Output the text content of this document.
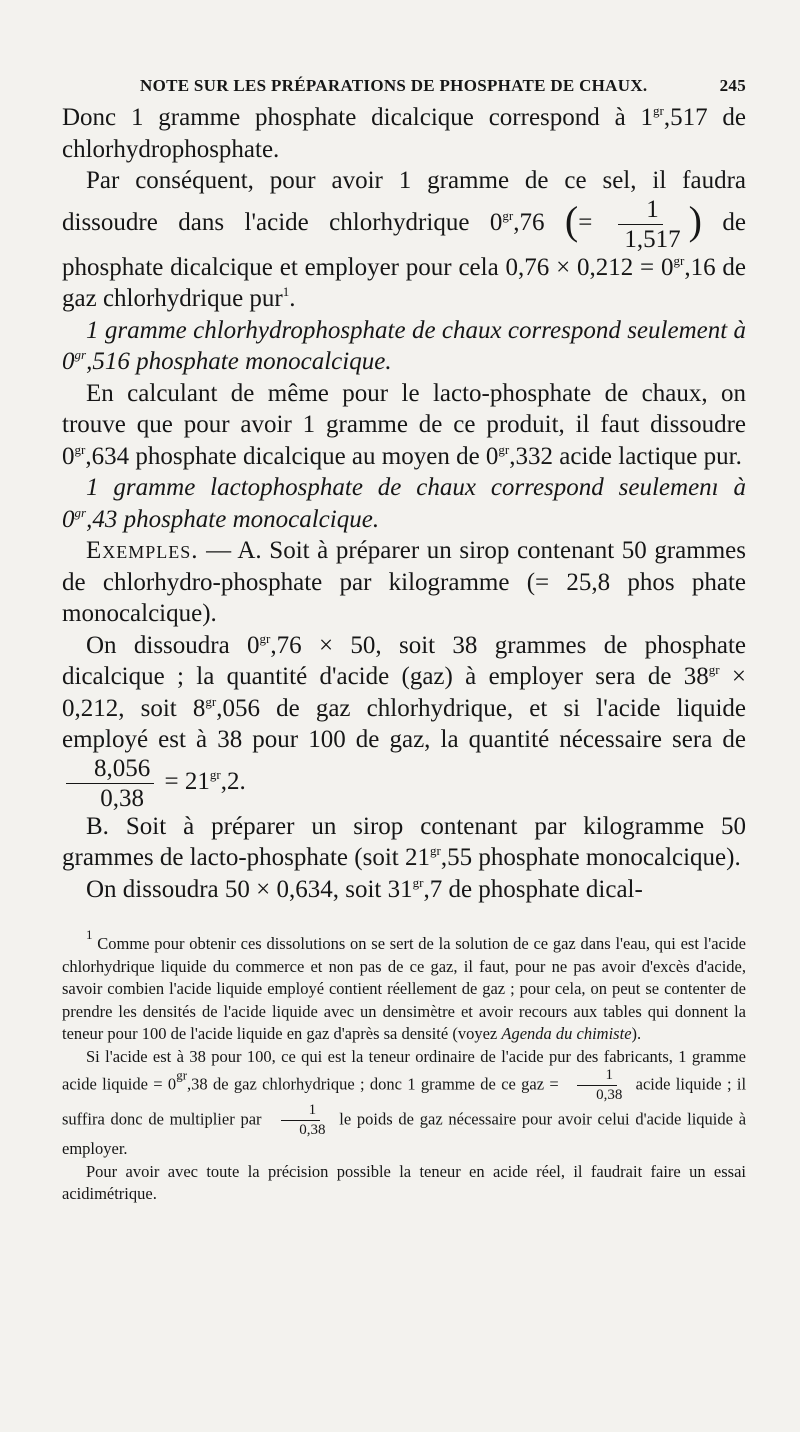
NOTE SUR LES PRÉPARATIONS DE PHOSPHATE DE CHAUX.	245

Donc 1 gramme phosphate dicalcique correspond à $1^{gr},517$ de chlorhydrophosphate.

Par conséquent, pour avoir 1 gramme de ce sel, il faudra dissoudre dans l'acide chlorhydrique $0^{gr},76$ (= $\frac{1}{1,517}$ ) de phosphate dicalcique et employer pour cela $0,76 \times 0,212 = 0^{gr},16$ de gaz chlorhydrique pur$^1$.

1 gramme chlorhydrophosphate de chaux correspond seulement à $0^{gr},516$ phosphate monocalcique.

En calculant de même pour le lacto-phosphate de chaux, on trouve que pour avoir 1 gramme de ce produit, il faut dissoudre $0^{gr},634$ phosphate dicalcique au moyen de $0^{gr},332$ acide lactique pur.

1 gramme lactophosphate de chaux correspond seulemenı à $0^{gr},43$ phosphate monocalcique.

Exemples. — A. Soit à préparer un sirop contenant 50 grammes de chlorhydro-phosphate par kilogramme (= 25,8 phos phate monocalcique).

On dissoudra $0^{gr},76 \times 50$, soit 38 grammes de phosphate dicalcique ; la quantité d'acide (gaz) à employer sera de $38^{gr} \times 0,212$, soit $8^{gr},056$ de gaz chlorhydrique, et si l'acide liquide employé est à 38 pour 100 de gaz, la quantité nécessaire sera de
$\frac{8,056}{0,38} = 21^{gr},2$.

B. Soit à préparer un sirop contenant par kilogramme 50 grammes de lacto-phosphate (soit $21^{gr},55$ phosphate monocalcique).

On dissoudra 50 × 0,634, soit $31^{gr},7$ de phosphate dical-

$^1$ Comme pour obtenir ces dissolutions on se sert de la solution de ce gaz dans l'eau, qui est l'acide chlorhydrique liquide du commerce et non pas de ce gaz, il faut, pour ne pas avoir d'excès d'acide, savoir combien l'acide liquide employé contient réellement de gaz ; pour cela, on peut se contenter de prendre les densités de l'acide liquide avec un densimètre et avoir recours aux tables qui donnent la teneur pour 100 de l'acide liquide en gaz d'après sa densité (voyez Agenda du chimiste).

Si l'acide est à 38 pour 100, ce qui est la teneur ordinaire de l'acide pur des fabricants, 1 gramme acide liquide = $0^{gr},38$ de gaz chlorhydrique ; donc 1 gramme de ce gaz = $\frac{1}{0,38}$ acide liquide ; il suffira donc de multiplier par $\frac{1}{0,38}$ le poids de gaz nécessaire pour avoir celui d'acide liquide à employer.

Pour avoir avec toute la précision possible la teneur en acide réel, il faudrait faire un essai acidimétrique.
